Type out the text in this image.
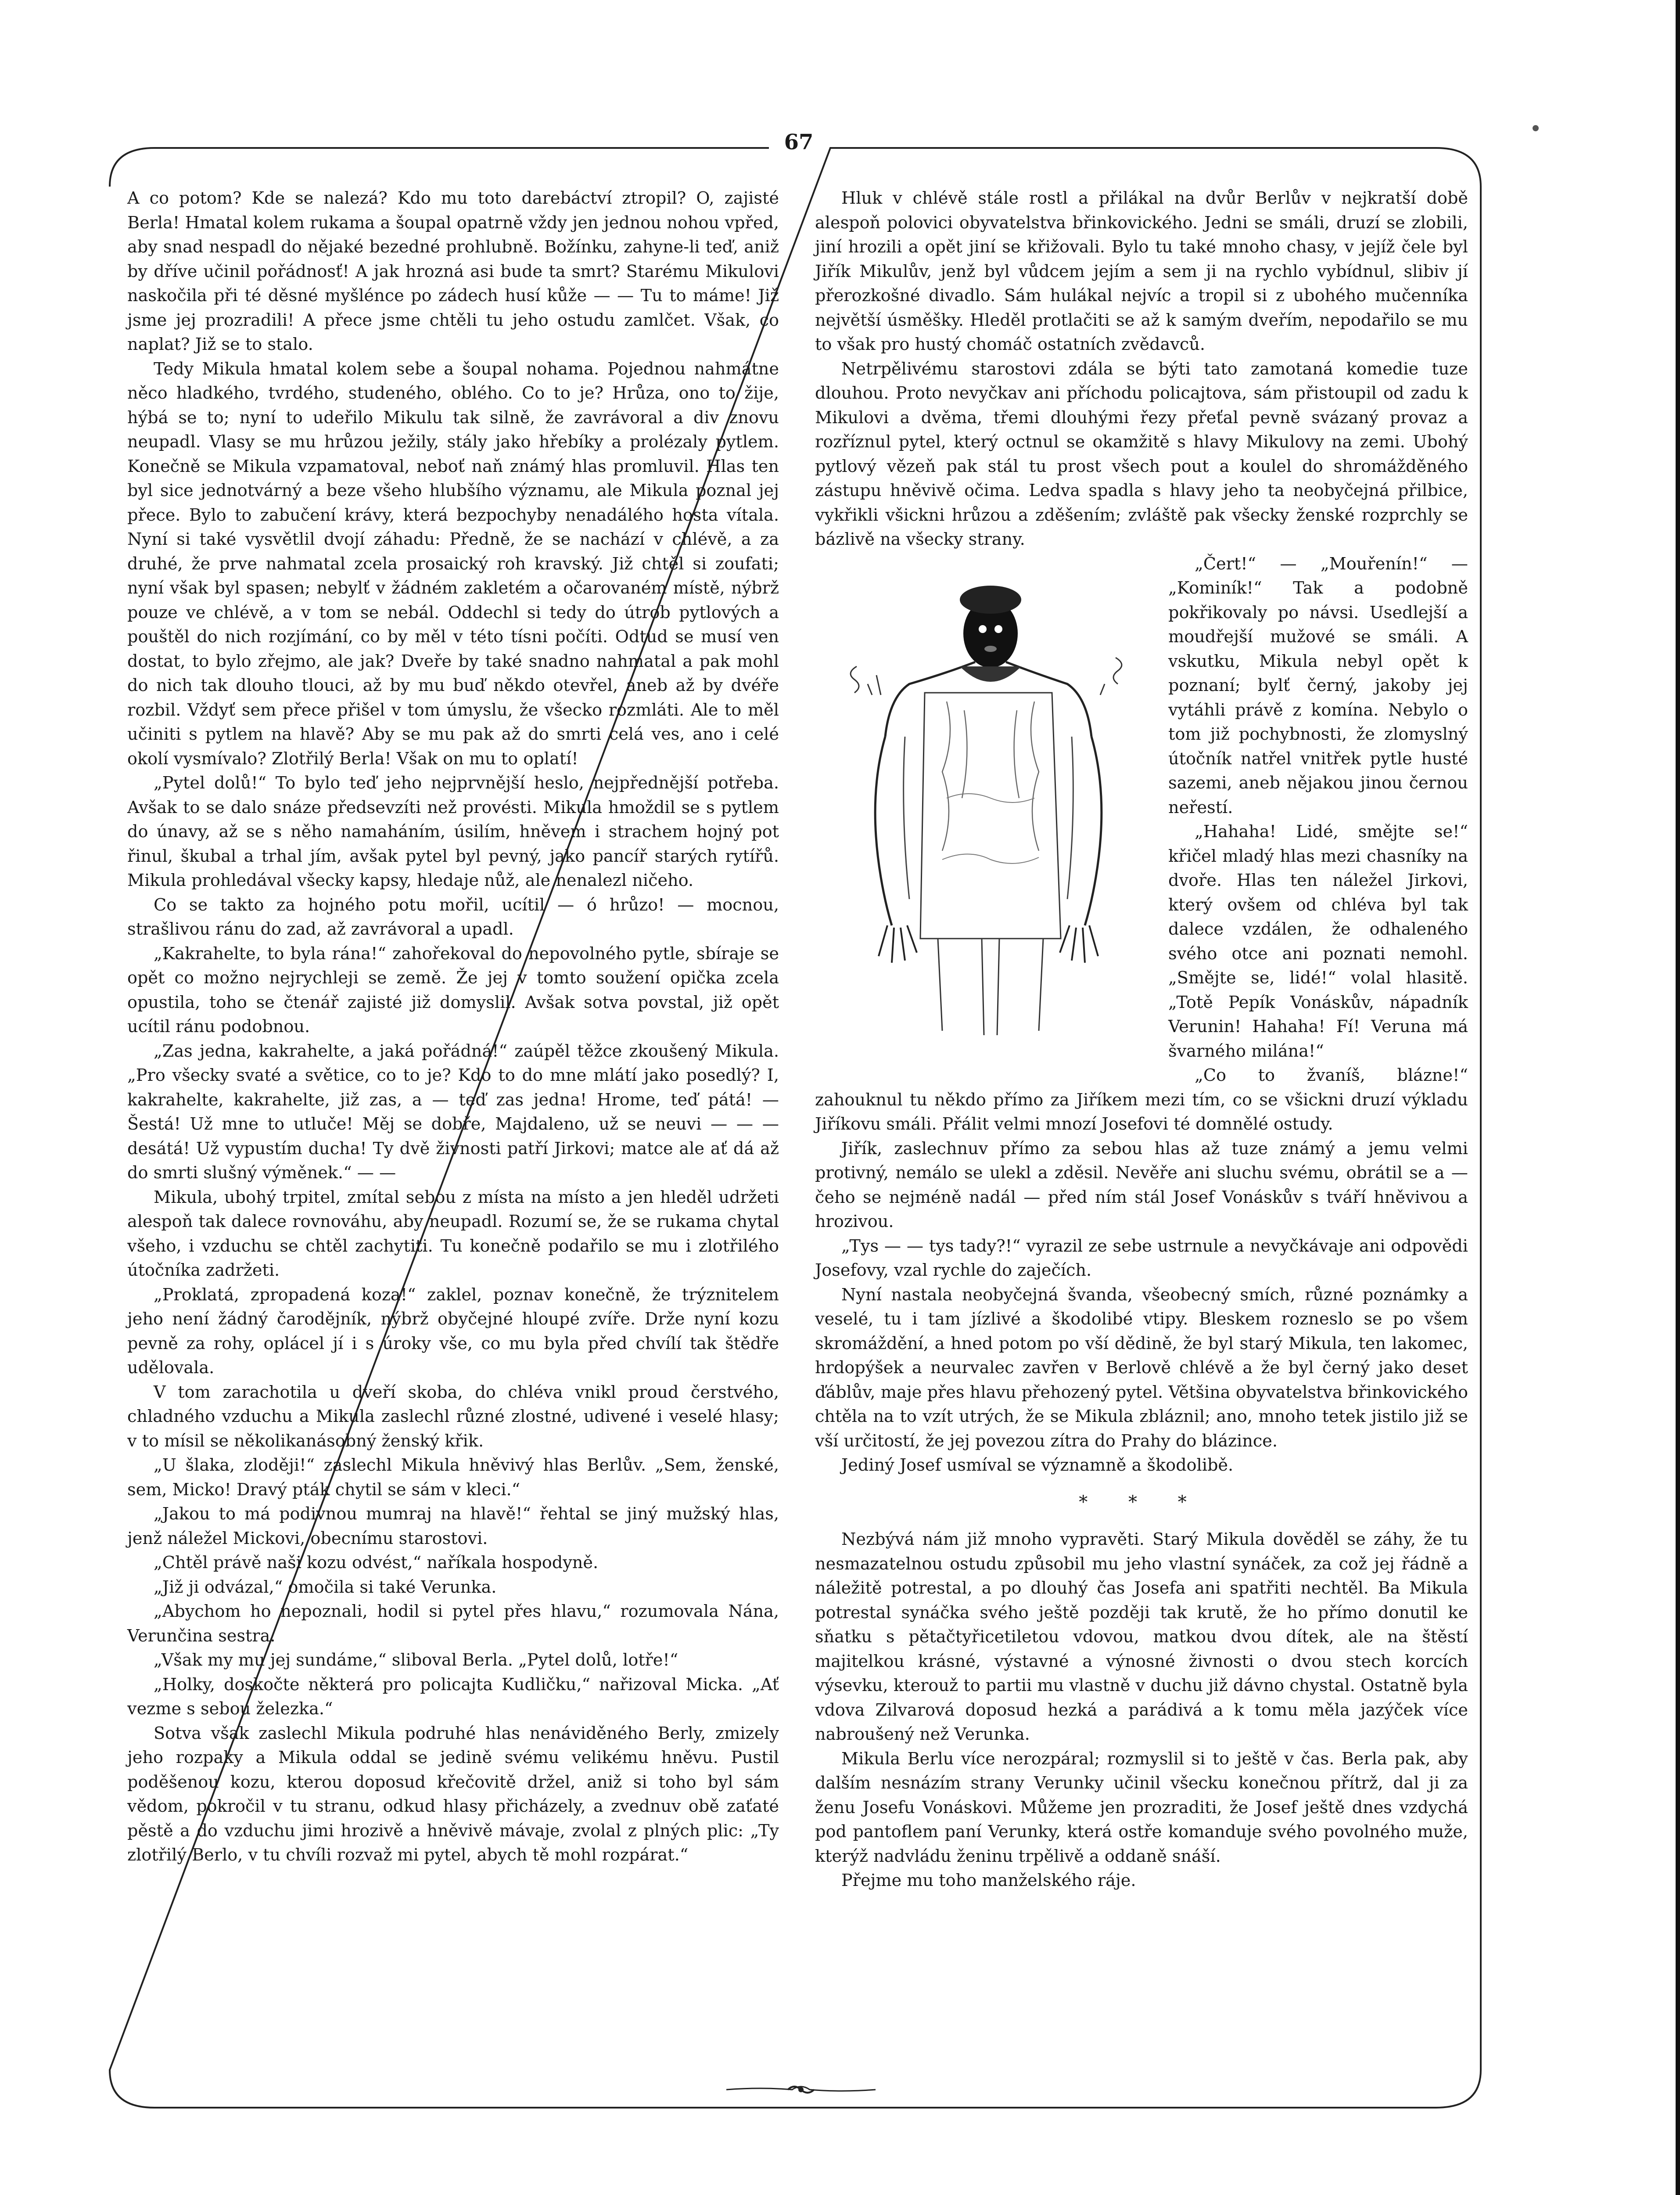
67

A co potom? Kde se nalezá? Kdo mu toto darebáctví ztropil? O, zajisté Berla! Hmatal kolem rukama a šoupal opatrně vždy jen jednou nohou vpřed, aby snad nespadl do nějaké bezedné prohlubně. Božínku, zahyne-li teď, aniž by dříve učinil pořádnosť! A jak hrozná asi bude ta smrt? Starému Mikulovi naskočila při té děsné myšlénce po zádech husí kůže — — Tu to máme! Již jsme jej prozradili! A přece jsme chtěli tu jeho ostudu zamlčet. Však, co naplat? Již se to stalo.

Tedy Mikula hmatal kolem sebe a šoupal nohama. Pojednou nahmátne něco hladkého, tvrdého, studeného, oblého. Co to je? Hrůza, ono to žije, hýbá se to; nyní to udeřilo Mikulu tak silně, že zavrávoral a div znovu neupadl. Vlasy se mu hrůzou ježily, stály jako hřebíky a prolézaly pytlem. Konečně se Mikula vzpamatoval, neboť naň známý hlas promluvil. Hlas ten byl sice jednotvárný a beze všeho hlubšího významu, ale Mikula poznal jej přece. Bylo to zabučení krávy, která bezpochyby nenadálého hosta vítala. Nyní si také vysvětlil dvojí záhadu: Předně, že se nachází v chlévě, a za druhé, že prve nahmatal zcela prosaický roh kravský. Již chtěl si zoufati; nyní však byl spasen; nebylť v žádném zakletém a očarovaném místě, nýbrž pouze ve chlévě, a v tom se nebál. Oddechl si tedy do útrob pytlových a pouštěl do nich rozjímání, co by měl v této tísni počíti. Odtud se musí ven dostat, to bylo zřejmo, ale jak? Dveře by také snadno nahmatal a pak mohl do nich tak dlouho tlouci, až by mu buď někdo otevřel, aneb až by dvéře rozbil. Vždyť sem přece přišel v tom úmyslu, že všecko rozmláti. Ale to měl učiniti s pytlem na hlavě? Aby se mu pak až do smrti celá ves, ano i celé okolí vysmívalo? Zlotřilý Berla! Však on mu to oplatí!

„Pytel dolů!“ To bylo teď jeho nejprvnější heslo, nejpřednější potřeba. Avšak to se dalo snáze předsevzíti než provésti. Mikula hmoždil se s pytlem do únavy, až se s něho namaháním, úsilím, hněvem i strachem hojný pot řinul, škubal a trhal jím, avšak pytel byl pevný, jako pancíř starých rytířů. Mikula prohledával všecky kapsy, hledaje nůž, ale nenalezl ničeho.

Co se takto za hojného potu mořil, ucítil — ó hrůzo! — mocnou, strašlivou ránu do zad, až zavrávoral a upadl.

„Kakrahelte, to byla rána!“ zahořekoval do nepovolného pytle, sbíraje se opět co možno nejrychleji se země. Že jej v tomto soužení opička zcela opustila, toho se čtenář zajisté již domyslil. Avšak sotva povstal, již opět ucítil ránu podobnou.

„Zas jedna, kakrahelte, a jaká pořádná!“ zaúpěl těžce zkoušený Mikula. „Pro všecky svaté a světice, co to je? Kdo to do mne mlátí jako posedlý? I, kakrahelte, kakrahelte, již zas, a — teď zas jedna! Hrome, teď pátá! — Šestá! Už mne to utluče! Měj se dobře, Majdaleno, už se neuvi — — — desátá! Už vypustím ducha! Ty dvě živnosti patří Jirkovi; matce ale ať dá až do smrti slušný výměnek.“ — —

Mikula, ubohý trpitel, zmítal sebou z místa na místo a jen hleděl udržeti alespoň tak dalece rovnováhu, aby neupadl. Rozumí se, že se rukama chytal všeho, i vzduchu se chtěl zachytiti. Tu konečně podařilo se mu i zlotřilého útočníka zadržeti.

„Proklatá, zpropadená koza!“ zaklel, poznav konečně, že trýznitelem jeho není žádný čarodějník, nýbrž obyčejné hloupé zvíře. Drže nyní kozu pevně za rohy, oplácel jí i s úroky vše, co mu byla před chvílí tak štědře udělovala.

V tom zarachotila u dveří skoba, do chléva vnikl proud čerstvého, chladného vzduchu a Mikula zaslechl různé zlostné, udivené i veselé hlasy; v to mísil se několikanásobný ženský křik.

„U šlaka, zloději!“ zaslechl Mikula hněvivý hlas Berlův. „Sem, ženské, sem, Micko! Dravý pták chytil se sám v kleci.“

„Jakou to má podivnou mumraj na hlavě!“ řehtal se jiný mužský hlas, jenž náležel Mickovi, obecnímu starostovi.

„Chtěl právě naši kozu odvést,“ naříkala hospodyně.

„Již ji odvázal,“ omočila si také Verunka.

„Abychom ho nepoznali, hodil si pytel přes hlavu,“ rozumovala Nána, Verunčina sestra.

„Však my mu jej sundáme,“ sliboval Berla. „Pytel dolů, lotře!“

„Holky, doskočte některá pro policajta Kudličku,“ nařizoval Micka. „Ať vezme s sebou železka.“

Sotva však zaslechl Mikula podruhé hlas nenáviděného Berly, zmizely jeho rozpaky a Mikula oddal se jedině svému velikému hněvu. Pustil poděšenou kozu, kterou doposud křečovitě držel, aniž si toho byl sám vědom, pokročil v tu stranu, odkud hlasy přicházely, a zvednuv obě zaťaté pěstě a do vzduchu jimi hrozivě a hněvivě mávaje, zvolal z plných plic: „Ty zlotřilý Berlo, v tu chvíli rozvaž mi pytel, abych tě mohl rozpárat.“

Hluk v chlévě stále rostl a přilákal na dvůr Berlův v nejkratší době alespoň polovici obyvatelstva břinkovického. Jedni se smáli, druzí se zlobili, jiní hrozili a opět jiní se křižovali. Bylo tu také mnoho chasy, v jejíž čele byl Jiřík Mikulův, jenž byl vůdcem jejím a sem ji na rychlo vybídnul, slibiv jí přerozkošné divadlo. Sám hulákal nejvíc a tropil si z ubohého mučenníka největší úsměšky. Hleděl protlačiti se až k samým dveřím, nepodařilo se mu to však pro hustý chomáč ostatních zvědavců.

Netrpělivému starostovi zdála se býti tato zamotaná komedie tuze dlouhou. Proto nevyčkav ani příchodu policajtova, sám přistoupil od zadu k Mikulovi a dvěma, třemi dlouhými řezy přeťal pevně svázaný provaz a rozříznul pytel, který octnul se okamžitě s hlavy Mikulovy na zemi. Ubohý pytlový vězeň pak stál tu prost všech pout a koulel do shromážděného zástupu hněvivě očima. Ledva spadla s hlavy jeho ta neobyčejná přilbice, vykřikli všickni hrůzou a zděšením; zvláště pak všecky ženské rozprchly se bázlivě na všecky strany.

„Čert!“ — „Mouřenín!“ — „Kominík!“ Tak a podobně pokřikovaly po návsi. Usedlejší a moudřejší mužové se smáli. A vskutku, Mikula nebyl opět k poznaní; bylť černý, jakoby jej vytáhli právě z komína. Nebylo o tom již pochybnosti, že zlomyslný útočník natřel vnitřek pytle husté sazemi, aneb nějakou jinou černou neřestí.

„Hahaha! Lidé, smějte se!“ křičel mladý hlas mezi chasníky na dvoře. Hlas ten náležel Jirkovi, který ovšem od chléva byl tak dalece vzdálen, že odhaleného svého otce ani poznati nemohl. „Smějte se, lidé!“ volal hlasitě. „Totě Pepík Vonáskův, nápadník Verunin! Hahaha! Fí! Veruna má švarného milána!“

„Co to žvaníš, blázne!“ zahouknul tu někdo přímo za Jiříkem mezi tím, co se všickni druzí výkladu Jiříkovu smáli. Přálit velmi mnozí Josefovi té domnělé ostudy.

Jiřík, zaslechnuv přímo za sebou hlas až tuze známý a jemu velmi protivný, nemálo se ulekl a zděsil. Nevěře ani sluchu svému, obrátil se a — čeho se nejméně nadál — před ním stál Josef Vonáskův s tváří hněvivou a hrozivou.

„Tys — — tys tady?!“ vyrazil ze sebe ustrnule a nevyčkávaje ani odpovědi Josefovy, vzal rychle do zaječích.

Nyní nastala neobyčejná švanda, všeobecný smích, různé poznámky a veselé, tu i tam jízlivé a škodolibé vtipy. Bleskem rozneslo se po všem skromáždění, a hned potom po vší dědině, že byl starý Mikula, ten lakomec, hrdopýšek a neurvalec zavřen v Berlově chlévě a že byl černý jako deset ďáblův, maje přes hlavu přehozený pytel. Většina obyvatelstva břinkovického chtěla na to vzít utrých, že se Mikula zbláznil; ano, mnoho tetek jistilo již se vší určitostí, že jej povezou zítra do Prahy do blázince.

Jediný Josef usmíval se významně a škodolibě.

* * *

Nezbývá nám již mnoho vypravěti. Starý Mikula dověděl se záhy, že tu nesmazatelnou ostudu způsobil mu jeho vlastní synáček, za což jej řádně a náležitě potrestal, a po dlouhý čas Josefa ani spatřiti nechtěl. Ba Mikula potrestal synáčka svého ještě později tak krutě, že ho přímo donutil ke sňatku s pětačtyřicetiletou vdovou, matkou dvou dítek, ale na štěstí majitelkou krásné, výstavné a výnosné živnosti o dvou stech korcích výsevku, kterouž to partii mu vlastně v duchu již dávno chystal. Ostatně byla vdova Zilvarová doposud hezká a parádivá a k tomu měla jazýček více nabroušený než Verunka.

Mikula Berlu více nerozpáral; rozmyslil si to ještě v čas. Berla pak, aby dalším nesnázím strany Verunky učinil všecku konečnou přítrž, dal ji za ženu Josefu Vonáskovi. Můžeme jen prozraditi, že Josef ještě dnes vzdychá pod pantoflem paní Verunky, která ostře komanduje svého povolného muže, kterýž nadvládu ženinu trpělivě a oddaně snáší.

Přejme mu toho manželského ráje.
